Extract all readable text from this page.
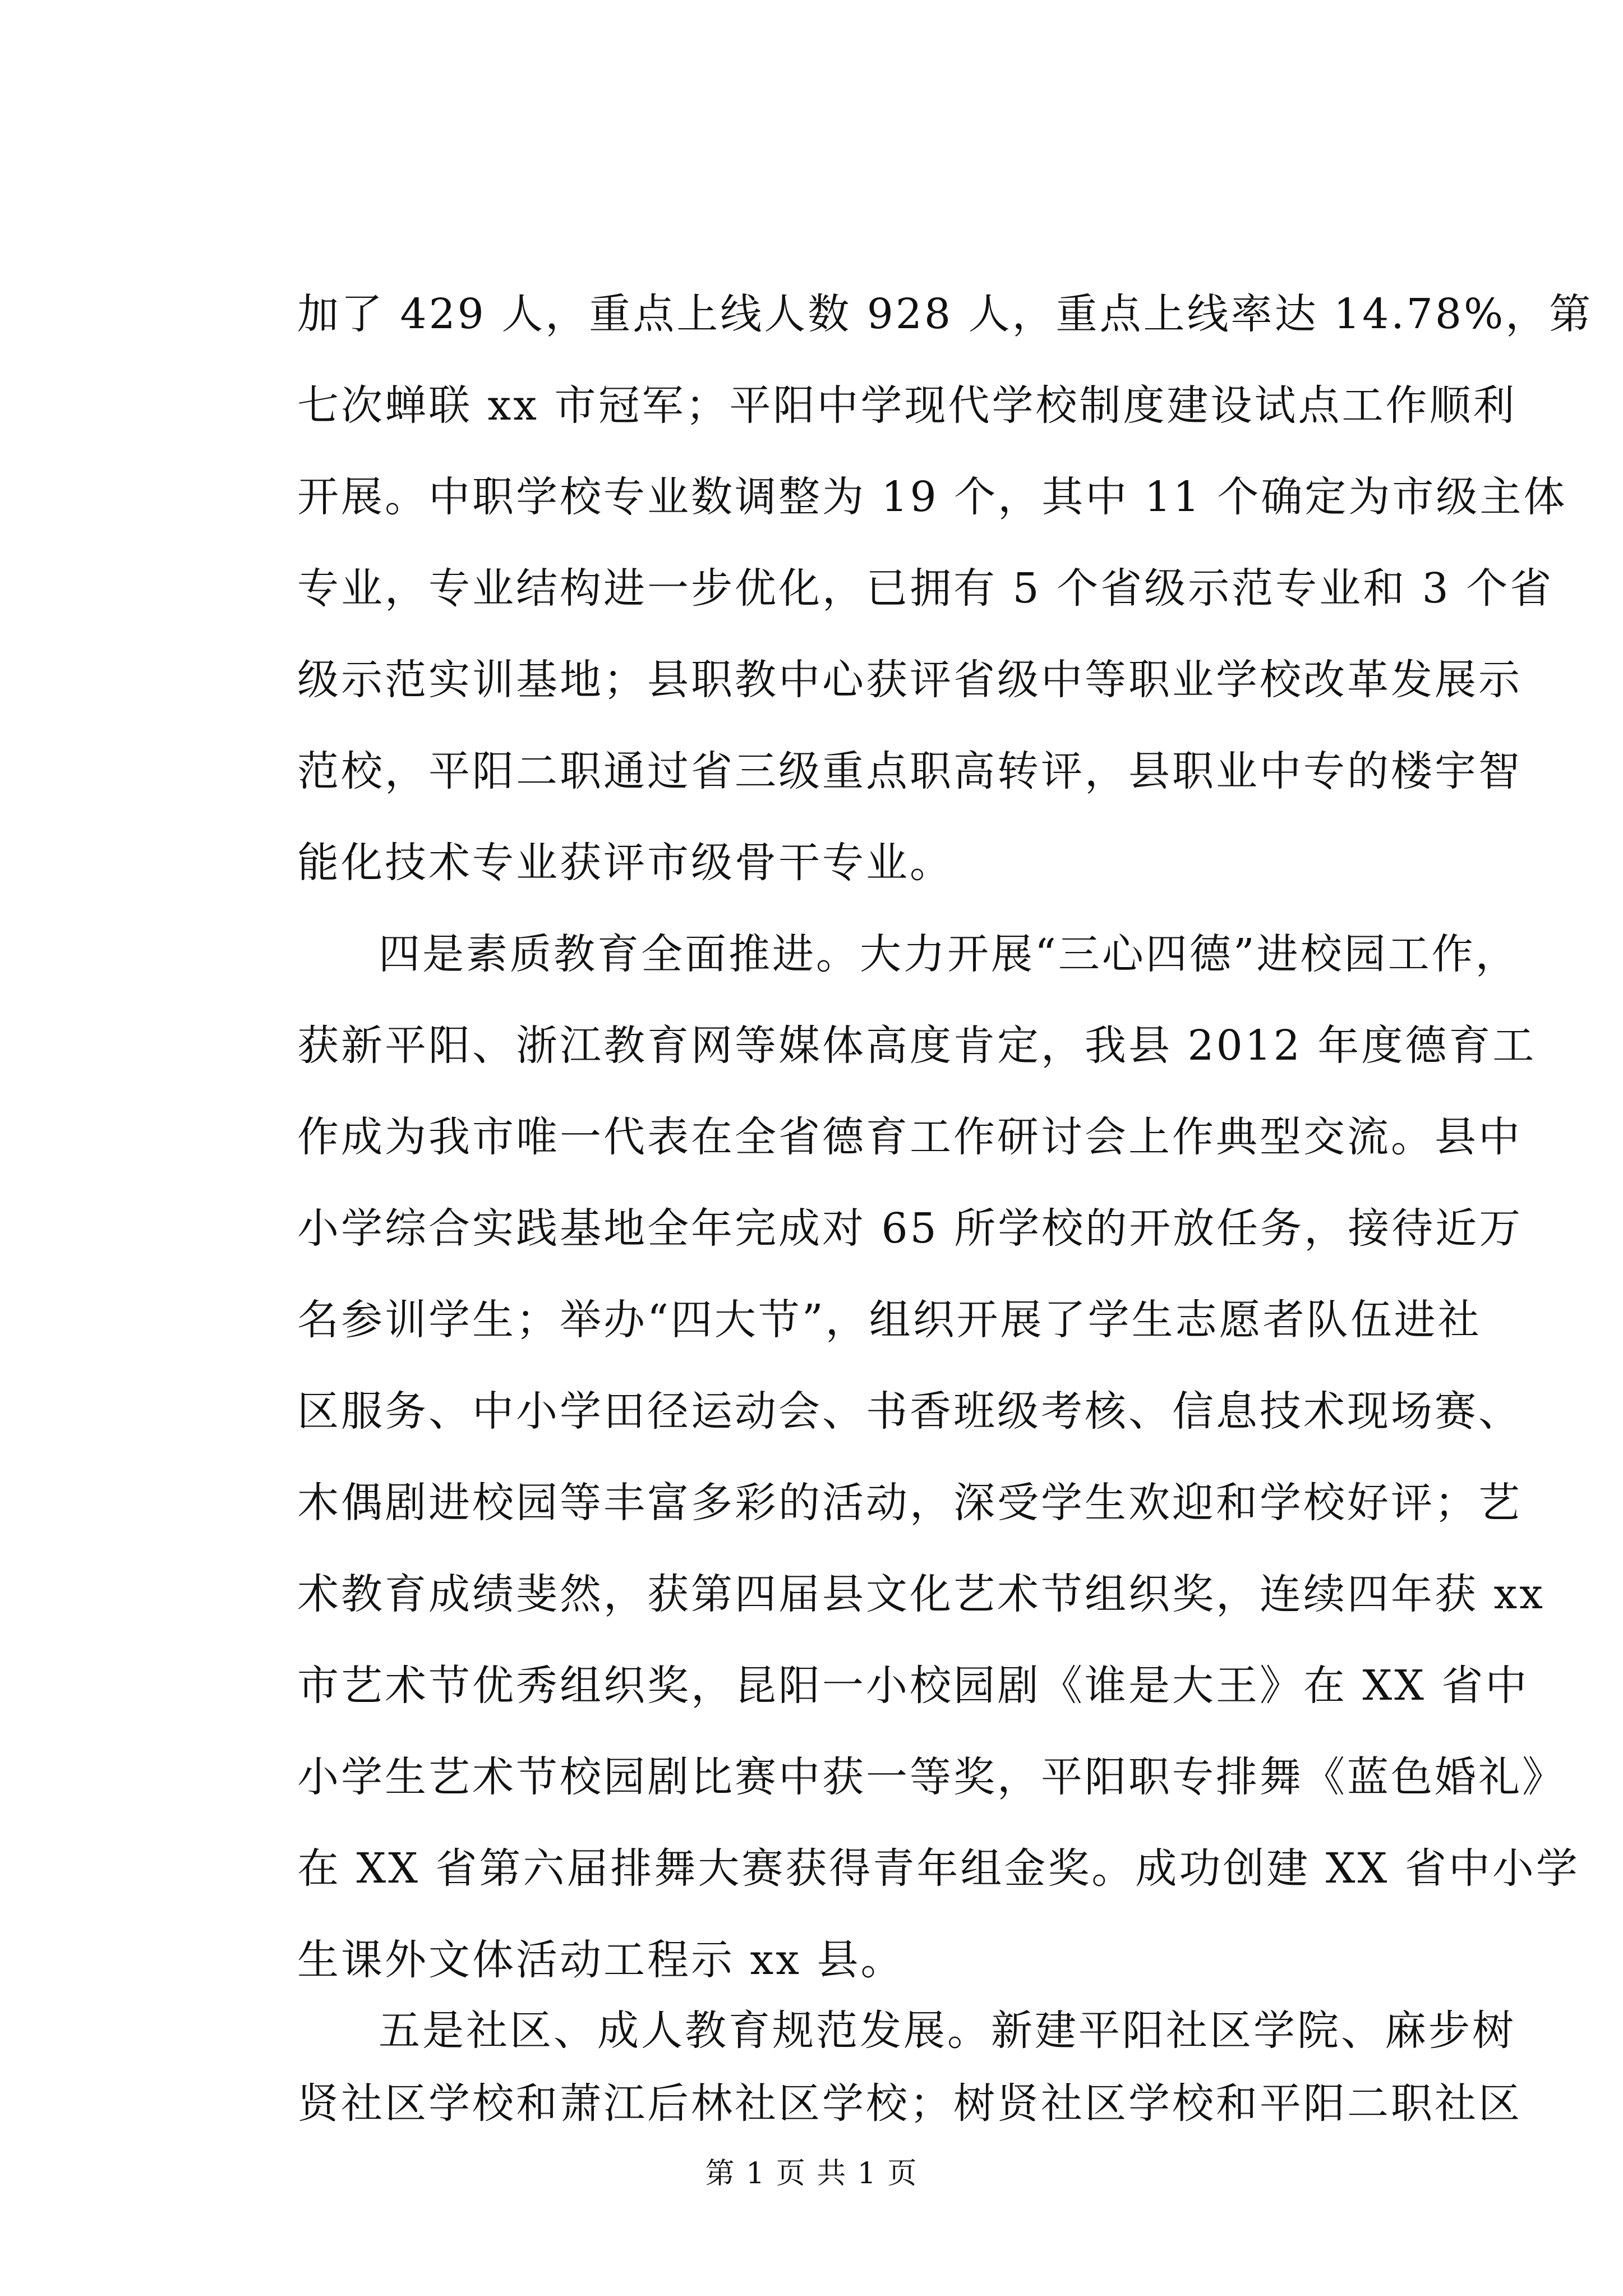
加了 429 人，重点上线人数 928 人，重点上线率达 14.78%，第
七次蝉联 xx 市冠军；平阳中学现代学校制度建设试点工作顺利
开展。中职学校专业数调整为 19 个，其中 11 个确定为市级主体
专业，专业结构进一步优化，已拥有 5 个省级示范专业和 3 个省
级示范实训基地；县职教中心获评省级中等职业学校改革发展示
范校，平阳二职通过省三级重点职高转评，县职业中专的楼宇智
能化技术专业获评市级骨干专业。
四是素质教育全面推进。大力开展“三心四德”进校园工作，
获新平阳、浙江教育网等媒体高度肯定，我县 2012 年度德育工
作成为我市唯一代表在全省德育工作研讨会上作典型交流。县中
小学综合实践基地全年完成对 65 所学校的开放任务，接待近万
名参训学生；举办“四大节”，组织开展了学生志愿者队伍进社
区服务、中小学田径运动会、书香班级考核、信息技术现场赛、
木偶剧进校园等丰富多彩的活动，深受学生欢迎和学校好评；艺
术教育成绩斐然，获第四届县文化艺术节组织奖，连续四年获 xx
市艺术节优秀组织奖，昆阳一小校园剧《谁是大王》在 XX 省中
小学生艺术节校园剧比赛中获一等奖，平阳职专排舞《蓝色婚礼》
在 XX 省第六届排舞大赛获得青年组金奖。成功创建 XX 省中小学
生课外文体活动工程示 xx 县。
五是社区、成人教育规范发展。新建平阳社区学院、麻步树
第 1 页 共 1 页
贤社区学校和萧江后林社区学校；树贤社区学校和平阳二职社区
